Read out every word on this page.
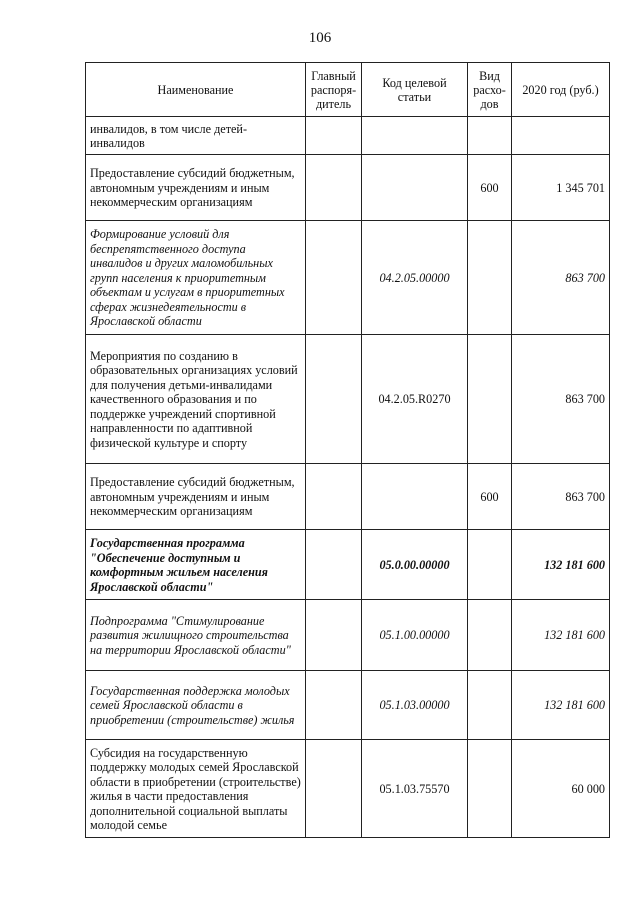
106
Наименование	Главный распоря-дитель	Код целевой статьи	Вид расхо-дов	2020 год (руб.)
инвалидов, в том числе детей-инвалидов				
Предоставление субсидий бюджетным, автономным учреждениям и иным некоммерческим организациям			600	1 345 701
Формирование условий для беспрепятственного доступа инвалидов и других маломобильных групп населения к приоритетным объектам и услугам в приоритетных сферах жизнедеятельности в Ярославской области		04.2.05.00000		863 700
Мероприятия по созданию в образовательных организациях условий для получения детьми-инвалидами качественного образования и по поддержке учреждений спортивной направленности по адаптивной физической культуре и спорту		04.2.05.R0270		863 700
Предоставление субсидий бюджетным, автономным учреждениям и иным некоммерческим организациям			600	863 700
Государственная программа "Обеспечение доступным и комфортным жильем населения Ярославской области"		05.0.00.00000		132 181 600
Подпрограмма "Стимулирование развития жилищного строительства на территории Ярославской области"		05.1.00.00000		132 181 600
Государственная поддержка молодых семей Ярославской области в приобретении (строительстве) жилья		05.1.03.00000		132 181 600
Субсидия на государственную поддержку молодых семей Ярославской области в приобретении (строительстве) жилья в части предоставления дополнительной социальной выплаты молодой семье		05.1.03.75570		60 000
